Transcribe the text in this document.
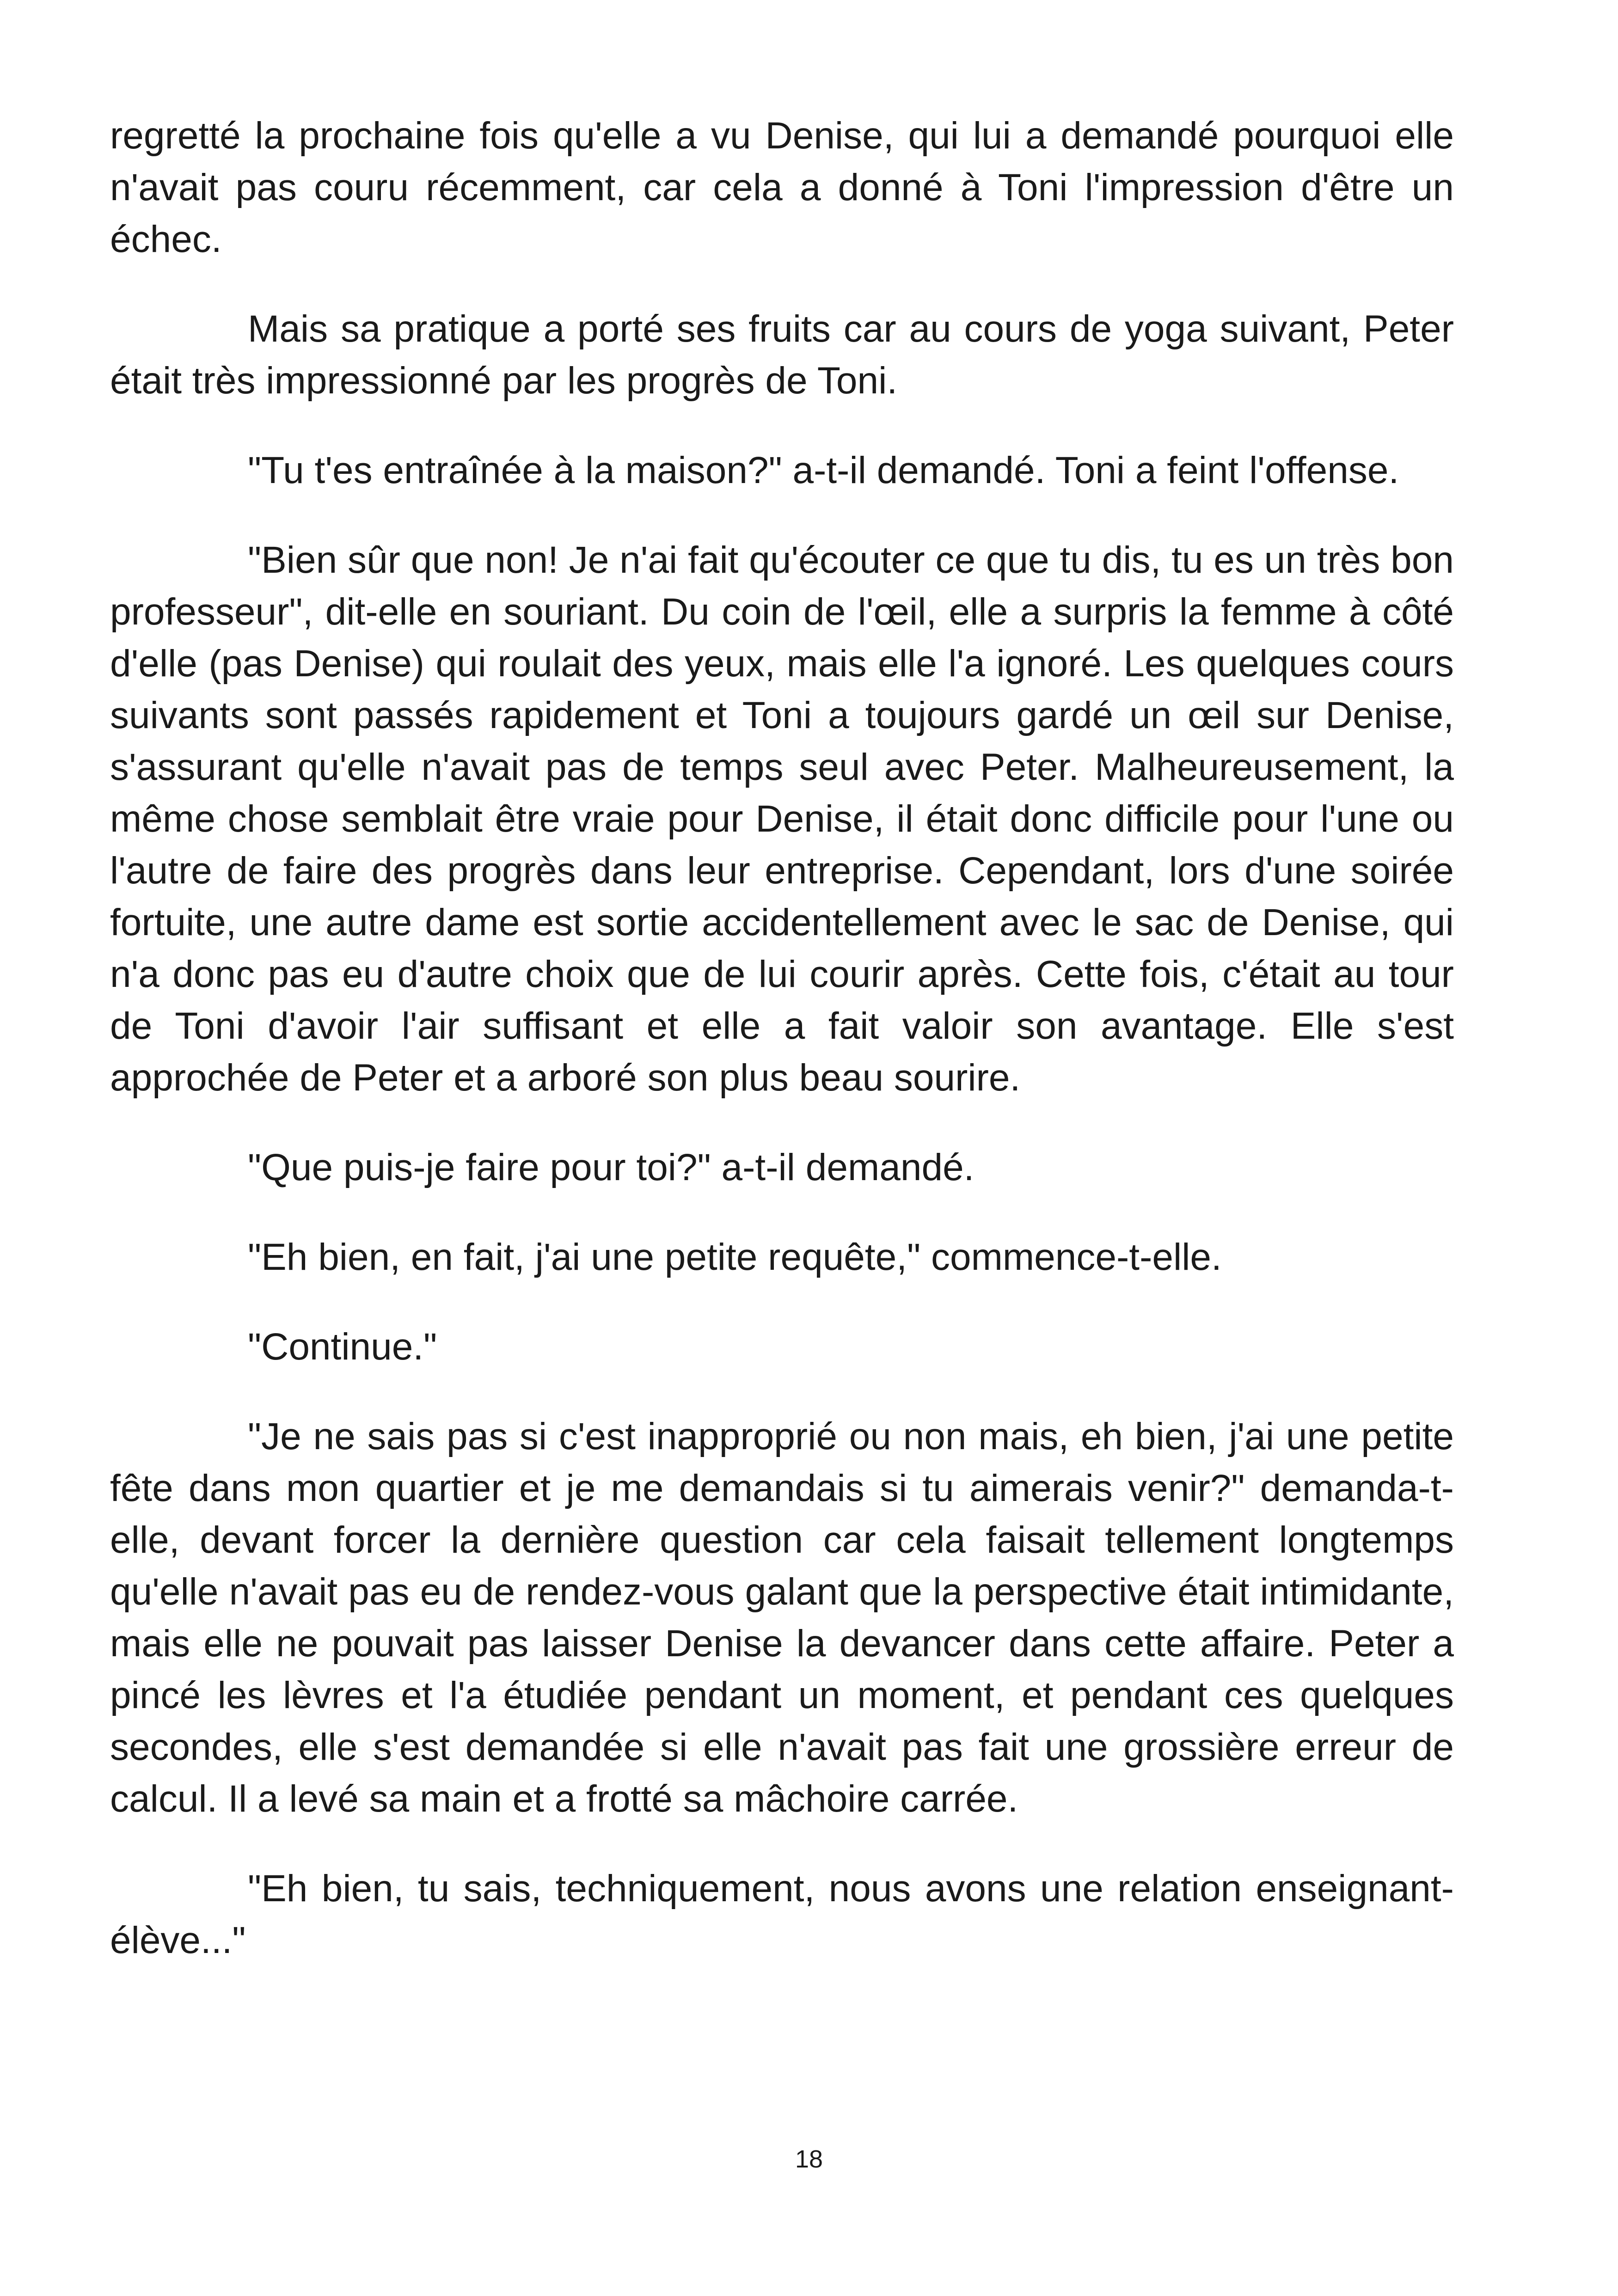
regretté la prochaine fois qu'elle a vu Denise, qui lui a demandé pourquoi elle n'avait pas couru récemment, car cela a donné à Toni l'impression d'être un échec.

Mais sa pratique a porté ses fruits car au cours de yoga suivant, Peter était très impressionné par les progrès de Toni.

"Tu t'es entraînée à la maison?" a-t-il demandé. Toni a feint l'offense.

"Bien sûr que non! Je n'ai fait qu'écouter ce que tu dis, tu es un très bon professeur", dit-elle en souriant. Du coin de l'œil, elle a surpris la femme à côté d'elle (pas Denise) qui roulait des yeux, mais elle l'a ignoré. Les quelques cours suivants sont passés rapidement et Toni a toujours gardé un œil sur Denise, s'assurant qu'elle n'avait pas de temps seul avec Peter. Malheureusement, la même chose semblait être vraie pour Denise, il était donc difficile pour l'une ou l'autre de faire des progrès dans leur entreprise. Cependant, lors d'une soirée fortuite, une autre dame est sortie accidentellement avec le sac de Denise, qui n'a donc pas eu d'autre choix que de lui courir après. Cette fois, c'était au tour de Toni d'avoir l'air suffisant et elle a fait valoir son avantage. Elle s'est approchée de Peter et a arboré son plus beau sourire.

"Que puis-je faire pour toi?" a-t-il demandé.

"Eh bien, en fait, j'ai une petite requête," commence-t-elle.

"Continue."

"Je ne sais pas si c'est inapproprié ou non mais, eh bien, j'ai une petite fête dans mon quartier et je me demandais si tu aimerais venir?" demanda-t-elle, devant forcer la dernière question car cela faisait tellement longtemps qu'elle n'avait pas eu de rendez-vous galant que la perspective était intimidante, mais elle ne pouvait pas laisser Denise la devancer dans cette affaire. Peter a pincé les lèvres et l'a étudiée pendant un moment, et pendant ces quelques secondes, elle s'est demandée si elle n'avait pas fait une grossière erreur de calcul. Il a levé sa main et a frotté sa mâchoire carrée.

"Eh bien, tu sais, techniquement, nous avons une relation enseignant-élève..."

18
